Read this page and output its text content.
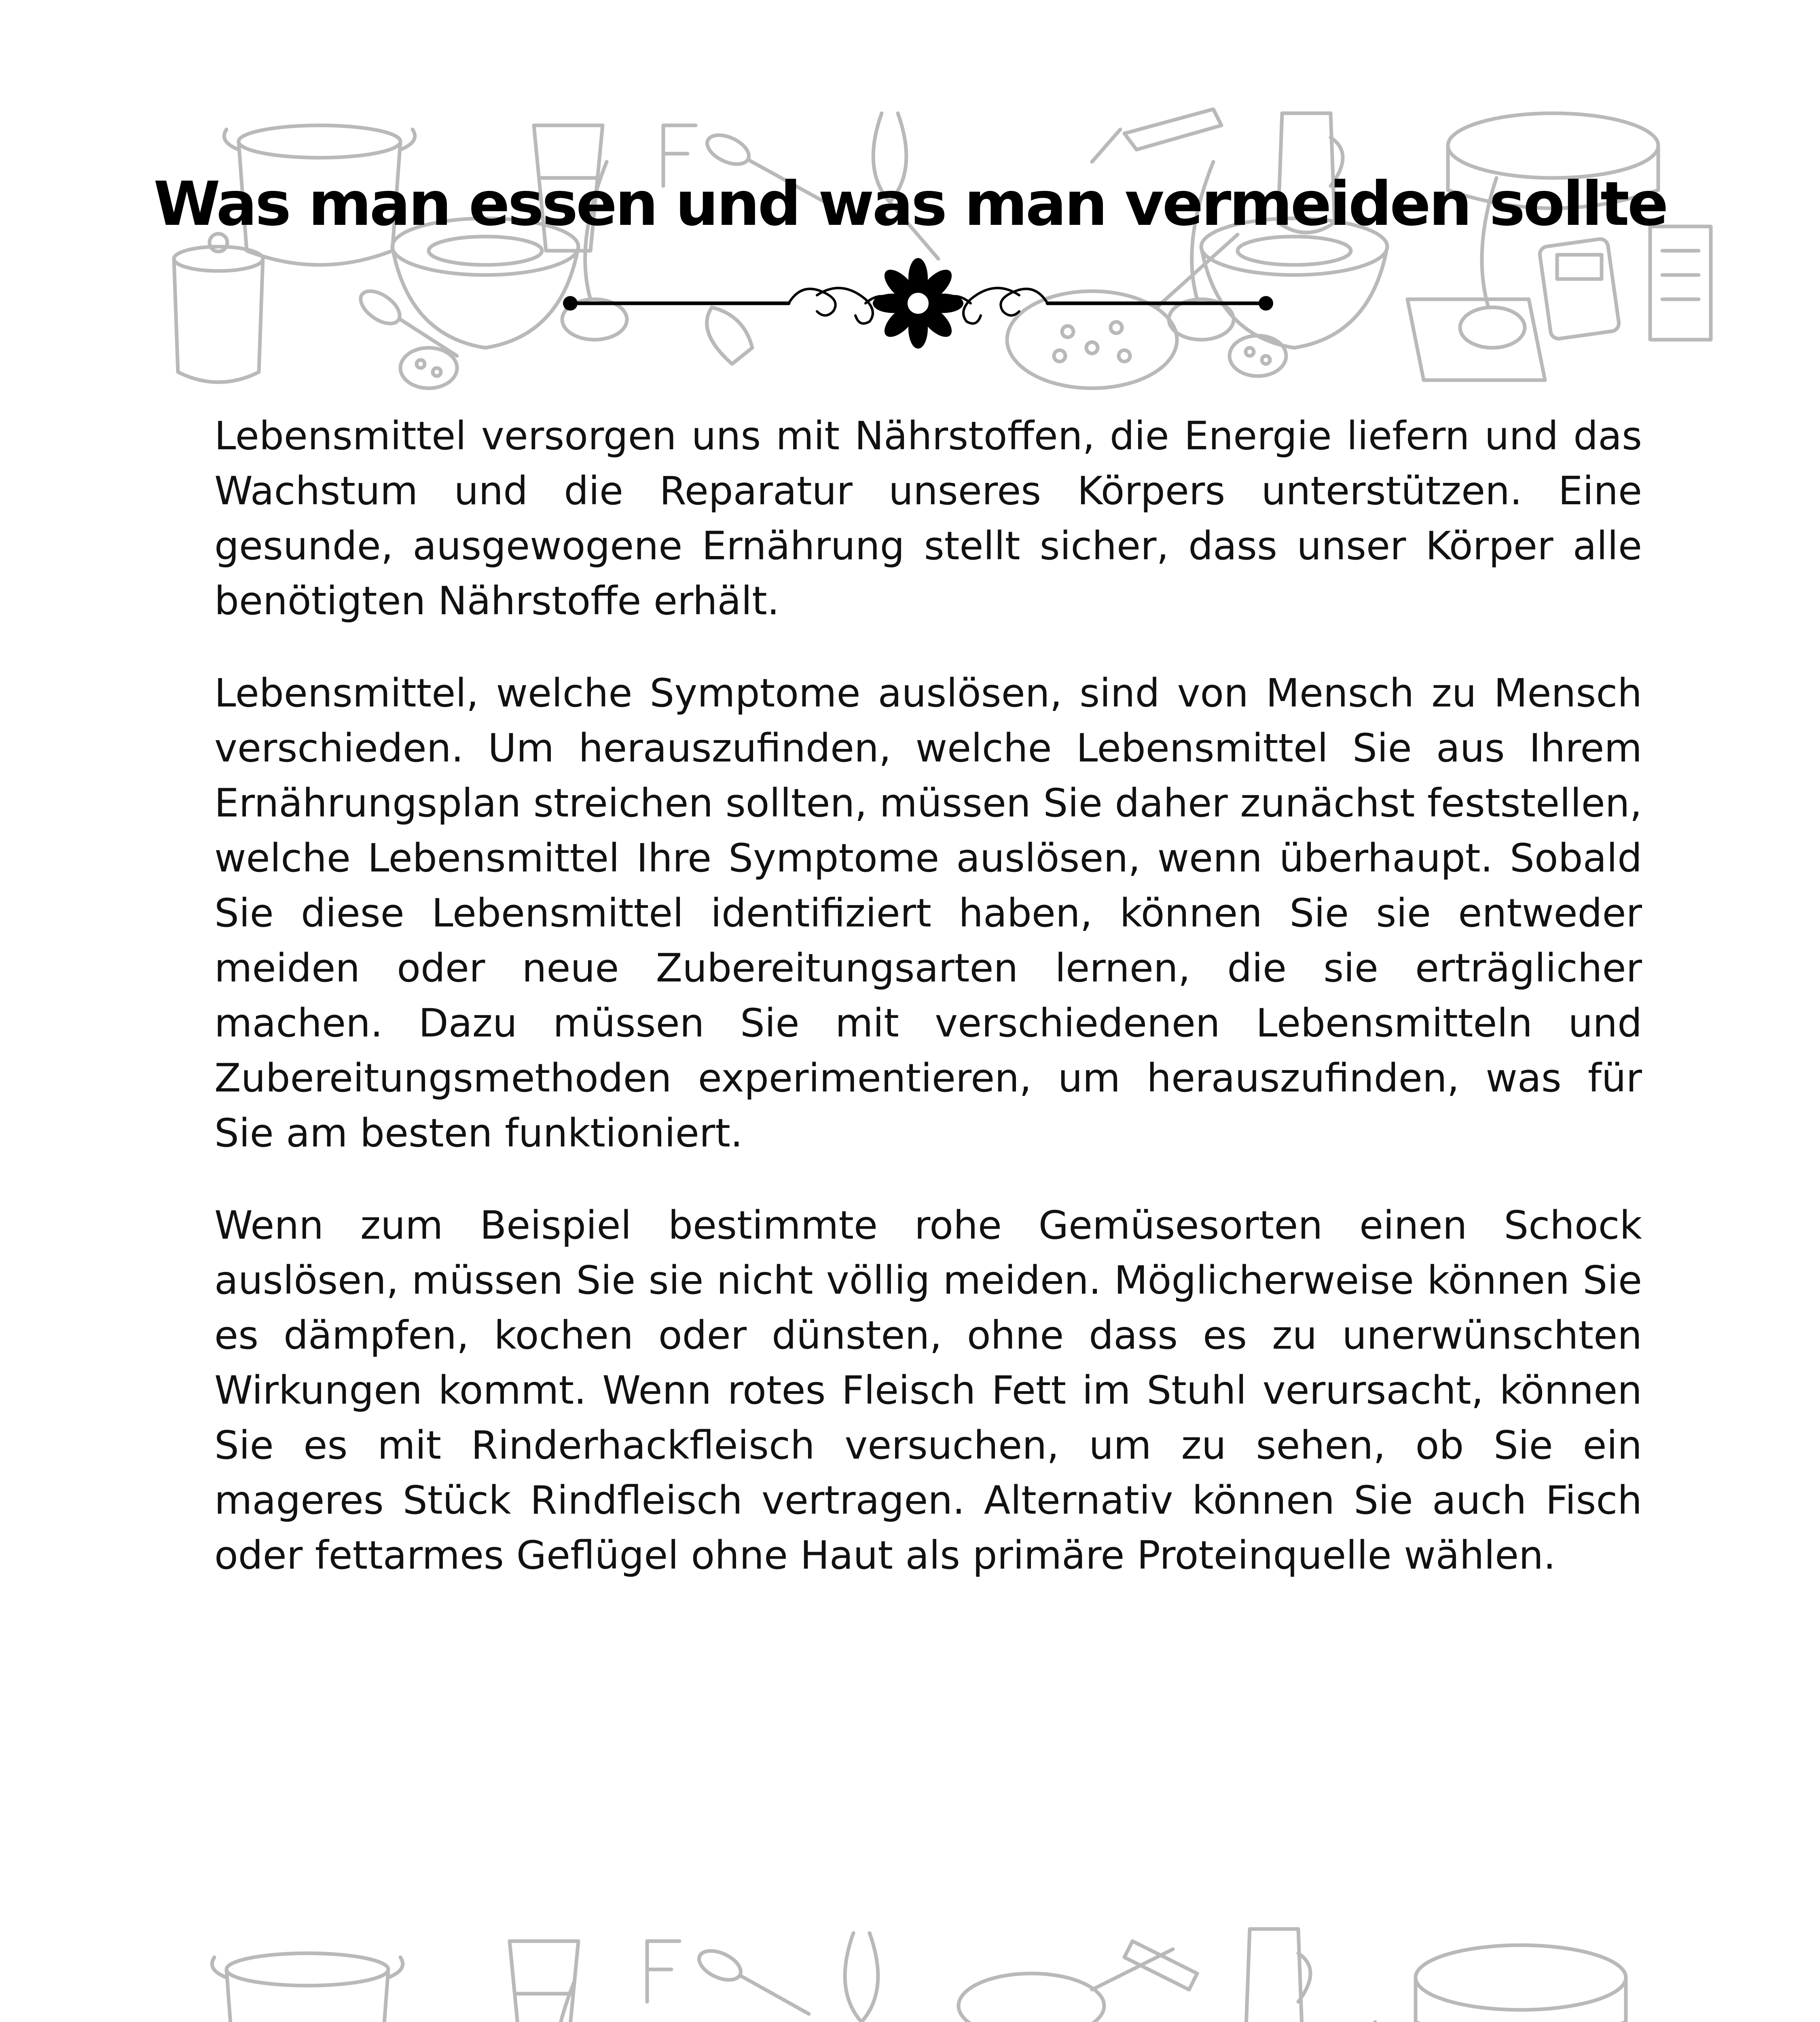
Was man essen und was man vermeiden sollte

Lebensmittel versorgen uns mit Nährstoffen, die Energie liefern und das Wachstum und die Reparatur unseres Körpers unterstützen. Eine gesunde, ausgewogene Ernährung stellt sicher, dass unser Körper alle benötigten Nährstoffe erhält.

Lebensmittel, welche Symptome auslösen, sind von Mensch zu Mensch verschieden. Um herauszufinden, welche Lebensmittel Sie aus Ihrem Ernährungsplan streichen sollten, müssen Sie daher zunächst feststellen, welche Lebensmittel Ihre Symptome auslösen, wenn überhaupt. Sobald Sie diese Lebensmittel identifiziert haben, können Sie sie entweder meiden oder neue Zubereitungsarten lernen, die sie erträglicher machen. Dazu müssen Sie mit verschiedenen Lebensmitteln und Zubereitungsmethoden experimentieren, um herauszufinden, was für Sie am besten funktioniert.

Wenn zum Beispiel bestimmte rohe Gemüsesorten einen Schock auslösen, müssen Sie sie nicht völlig meiden. Möglicherweise können Sie es dämpfen, kochen oder dünsten, ohne dass es zu unerwünschten Wirkungen kommt. Wenn rotes Fleisch Fett im Stuhl verursacht, können Sie es mit Rinderhackfleisch versuchen, um zu sehen, ob Sie ein mageres Stück Rindfleisch vertragen. Alternativ können Sie auch Fisch oder fettarmes Geflügel ohne Haut als primäre Proteinquelle wählen.
